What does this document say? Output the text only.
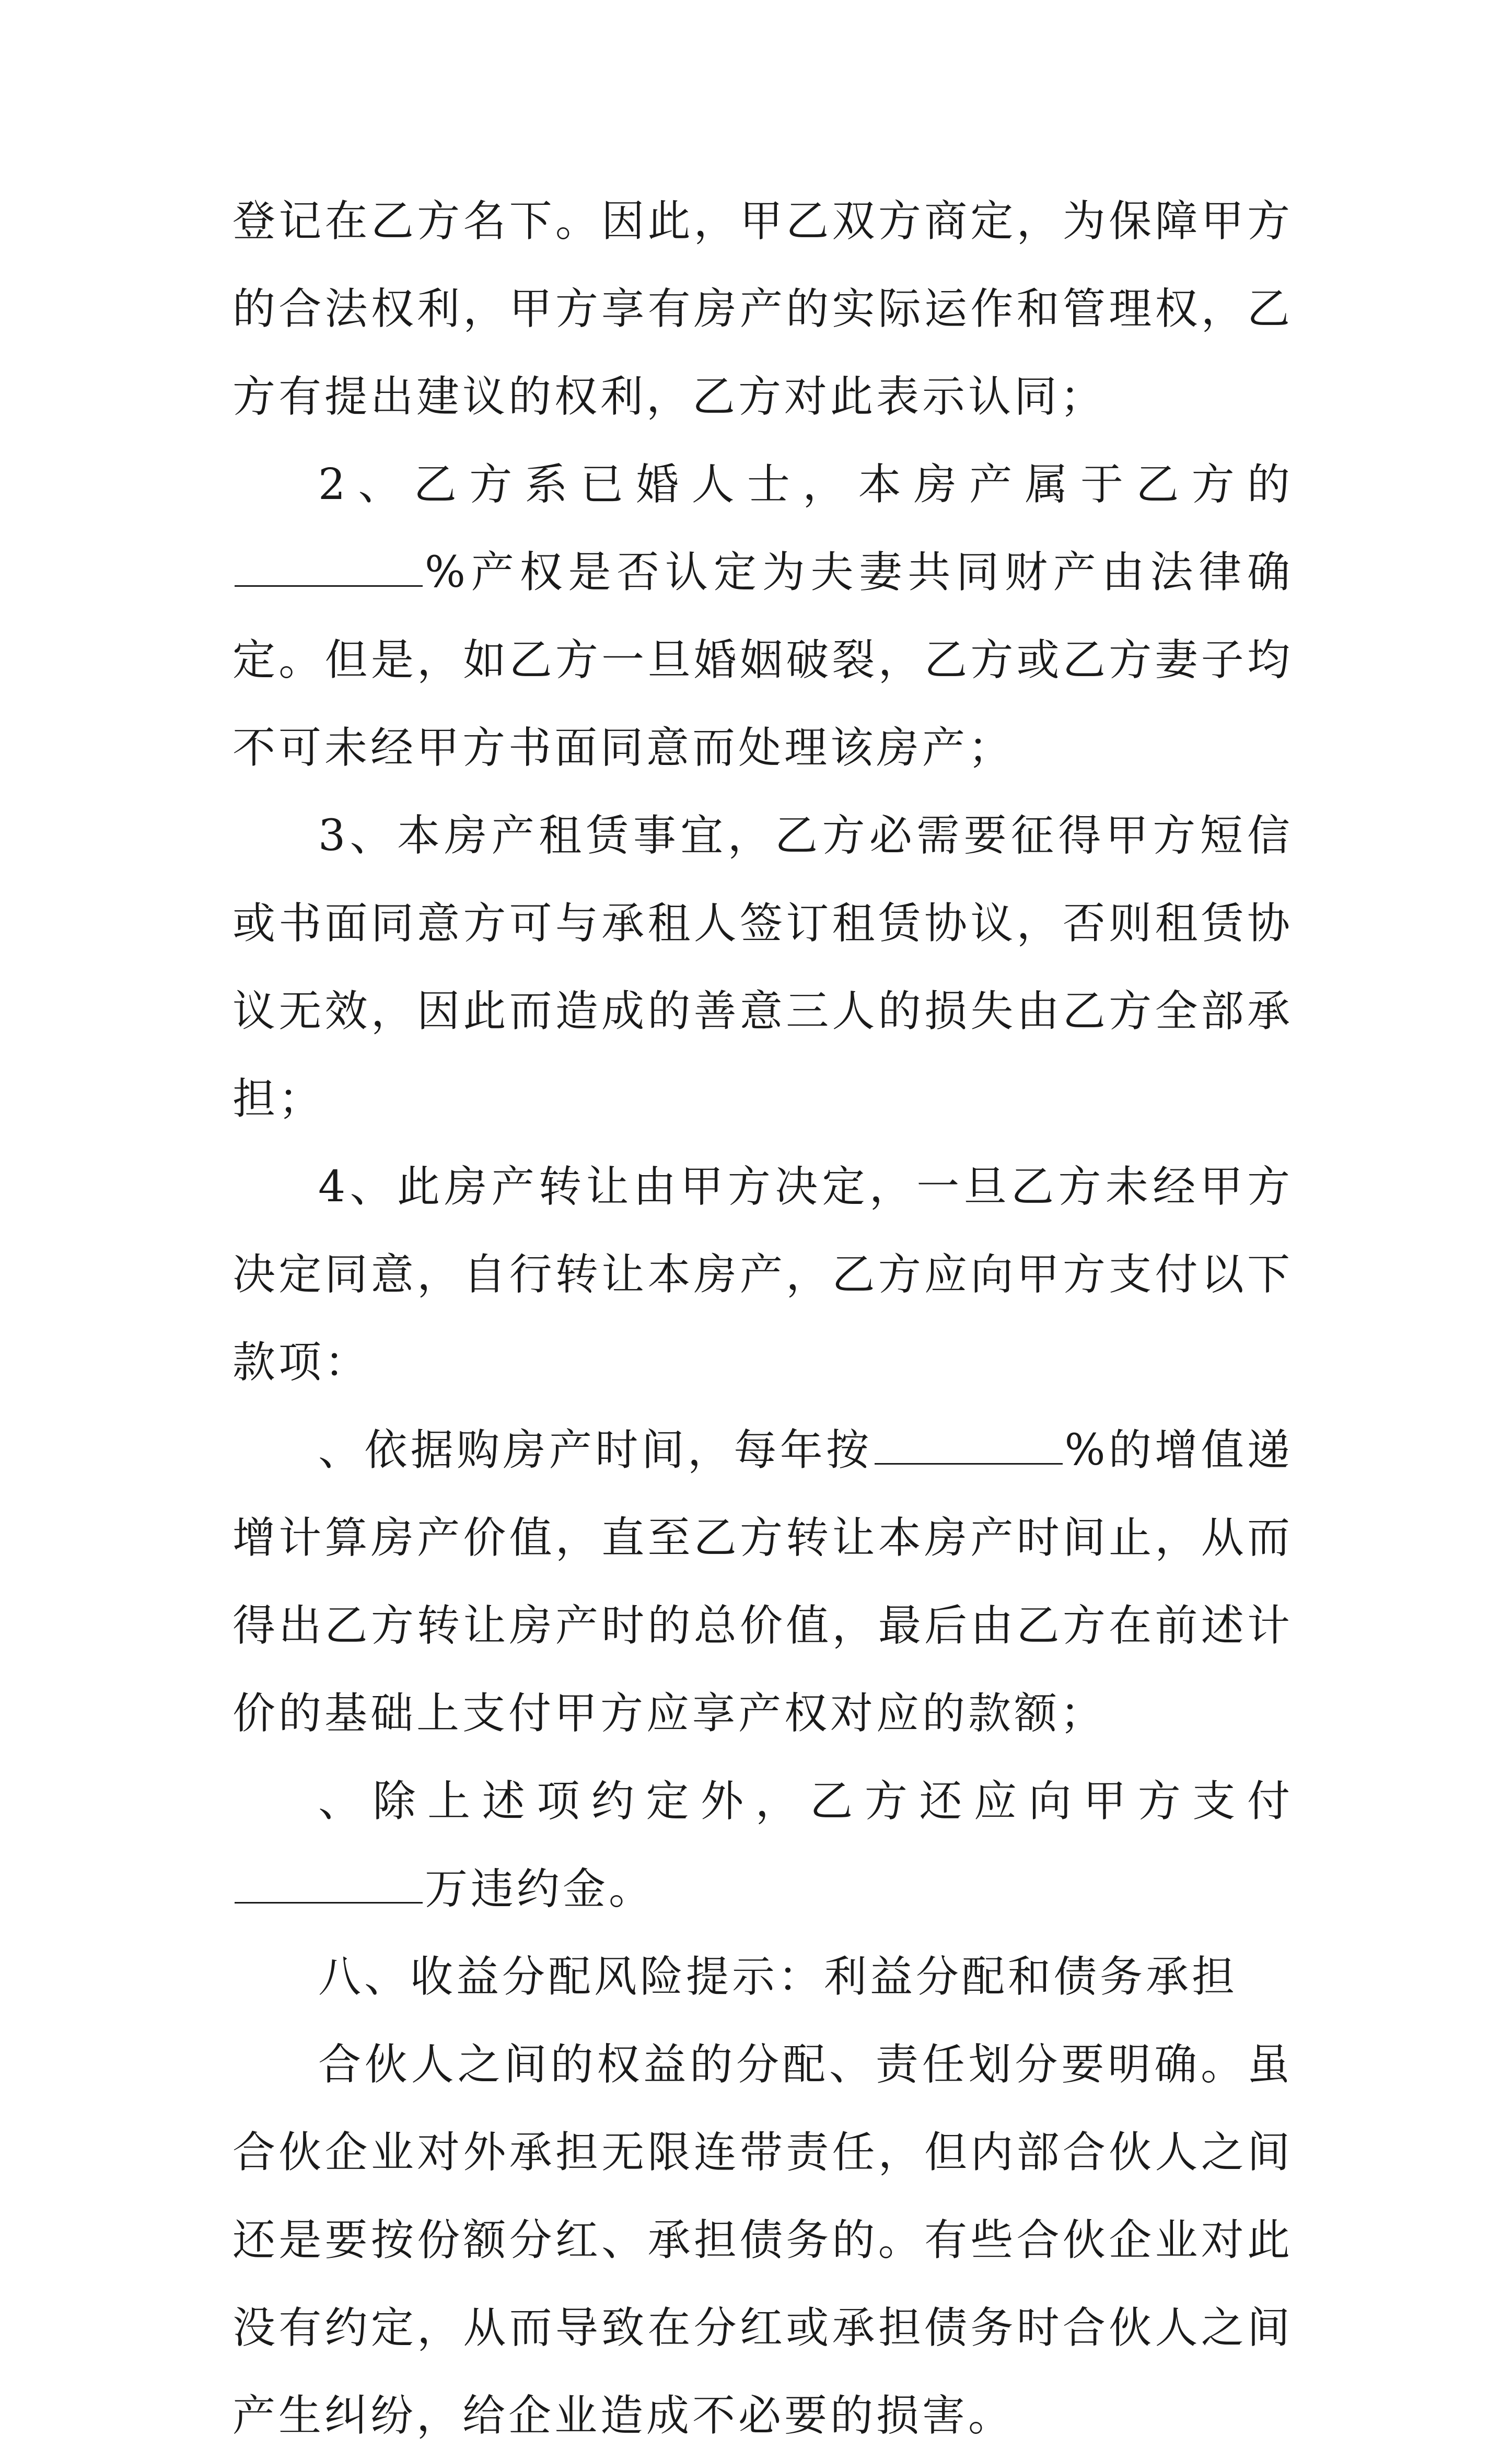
登记在乙方名下。因此，甲乙双方商定，为保障甲方的合法权利，甲方享有房产的实际运作和管理权，乙方有提出建议的权利，乙方对此表示认同；

2、乙方系已婚人士，本房产属于乙方的%产权是否认定为夫妻共同财产由法律确定。但是，如乙方一旦婚姻破裂，乙方或乙方妻子均不可未经甲方书面同意而处理该房产；

3、本房产租赁事宜，乙方必需要征得甲方短信或书面同意方可与承租人签订租赁协议，否则租赁协议无效，因此而造成的善意三人的损失由乙方全部承担；

4、此房产转让由甲方决定，一旦乙方未经甲方决定同意，自行转让本房产，乙方应向甲方支付以下款项：

、依据购房产时间，每年按	%的增值递增计算房产价值，直至乙方转让本房产时间止，从而得出乙方转让房产时的总价值，最后由乙方在前述计价的基础上支付甲方应享产权对应的款额；

、除上述项约定外，乙方还应向甲方支付万违约金。

八、收益分配风险提示：利益分配和债务承担

合伙人之间的权益的分配、责任划分要明确。虽合伙企业对外承担无限连带责任，但内部合伙人之间还是要按份额分红、承担债务的。有些合伙企业对此没有约定，从而导致在分红或承担债务时合伙人之间产生纠纷，给企业造成不必要的损害。
